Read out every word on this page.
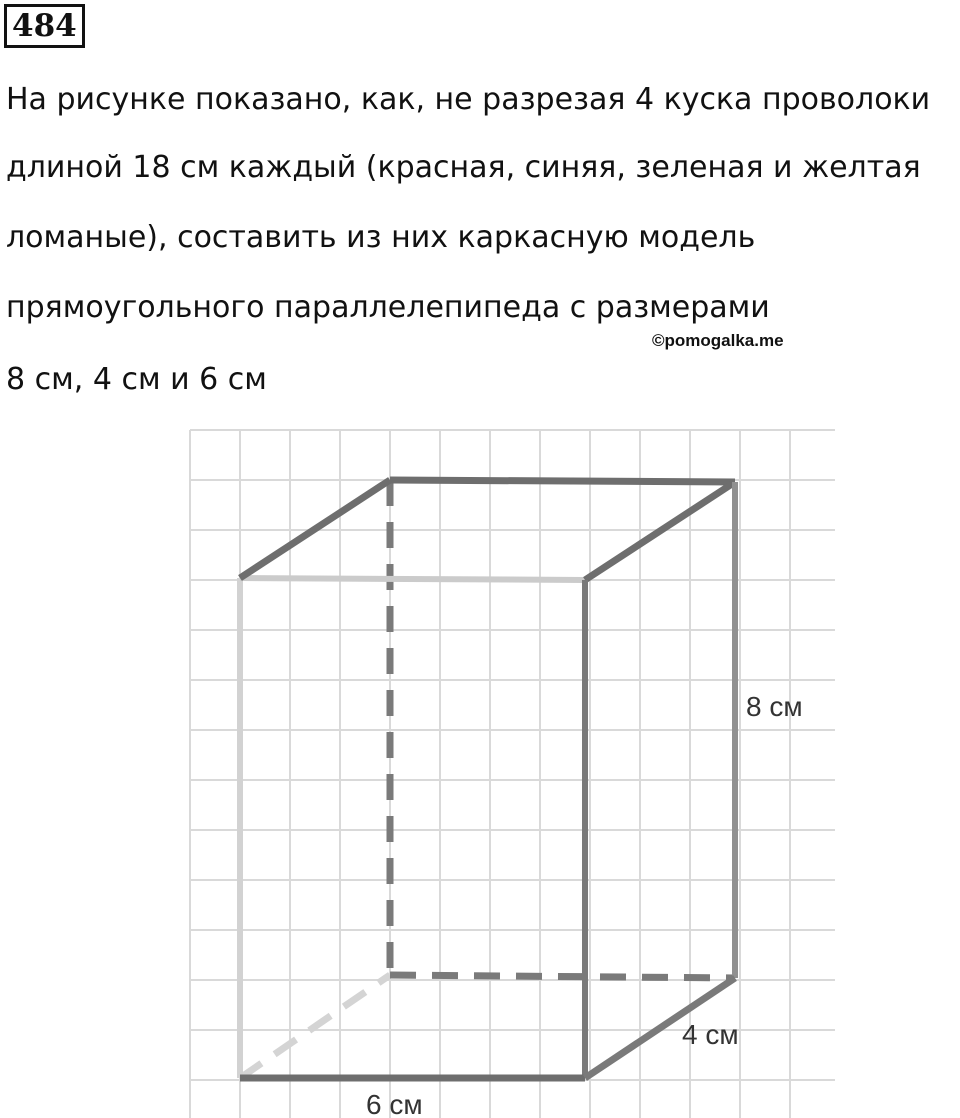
484
На рисунке показано, как, не разрезая 4 куска проволоки
длиной 18 см каждый (красная, синяя, зеленая и желтая
ломаные), составить из них каркасную модель
прямоугольного параллелепипеда с размерами
8 см, 4 см и 6 см
©pomogalka.me
8 см
4 см
6 см
